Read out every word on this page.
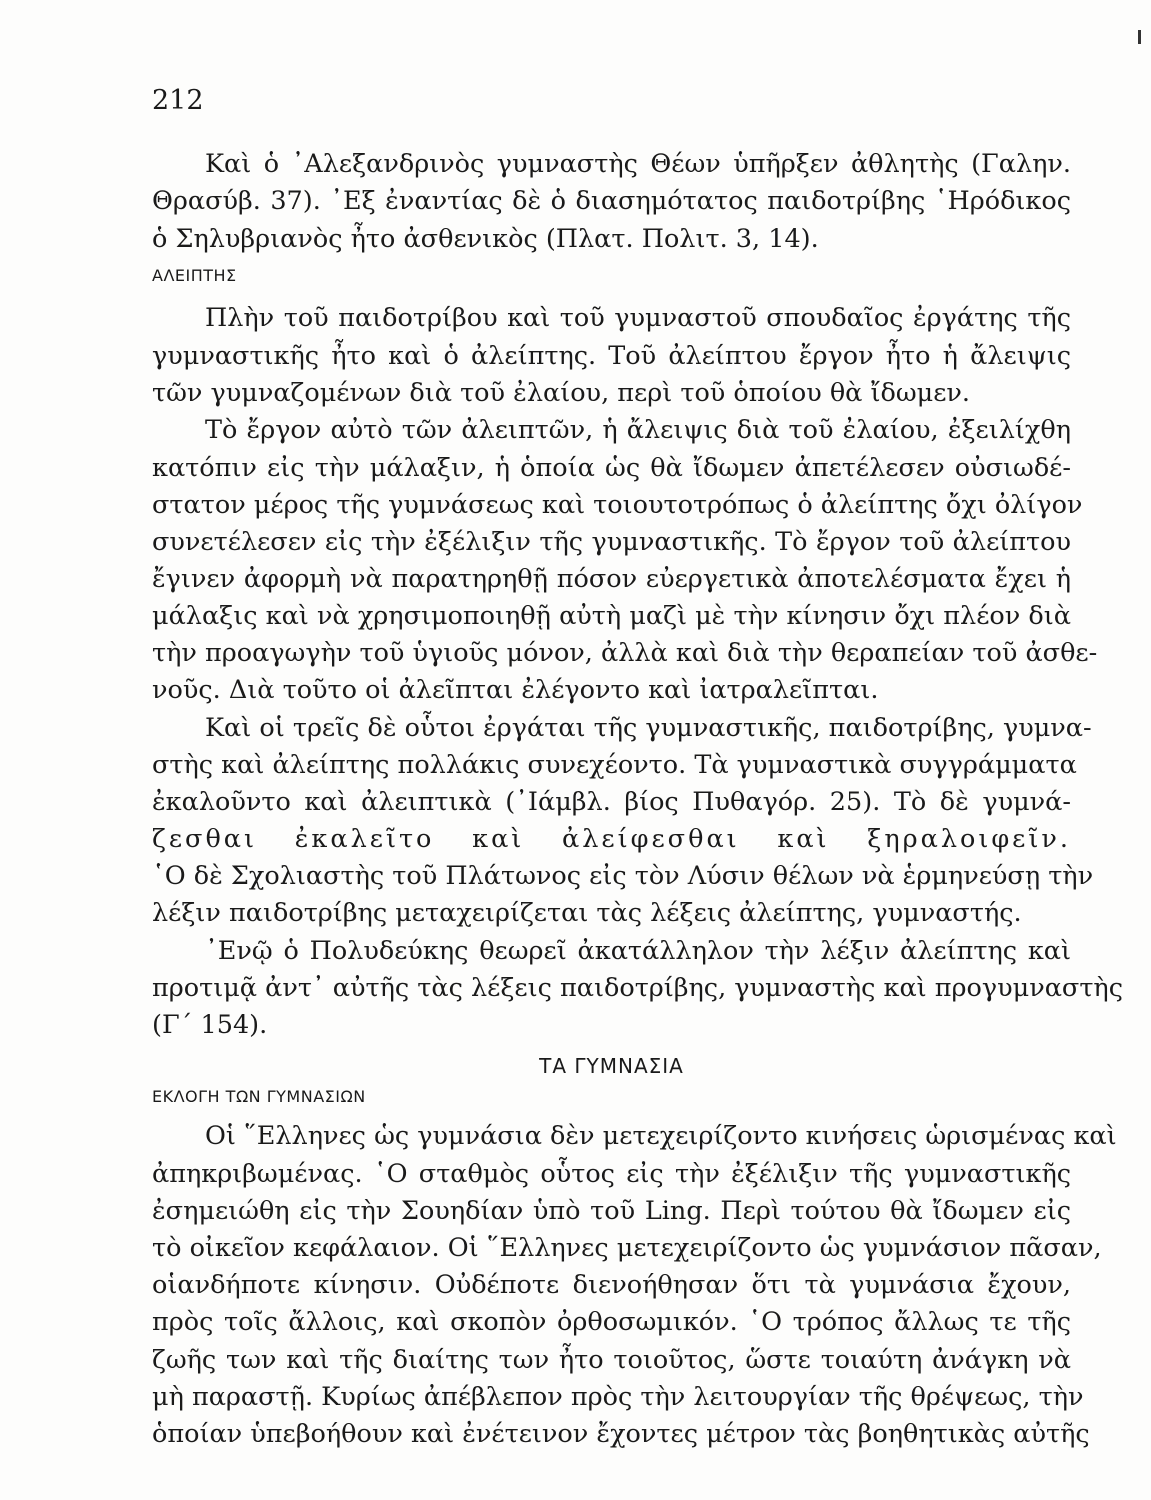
212
Καὶ ὁ ᾿Αλεξανδρινὸς γυμναστὴς Θέων ὑπῆρξεν ἀθλητὴς (Γαλην.
Θρασύβ. 37). ᾿Εξ ἐναντίας δὲ ὁ διασημότατος παιδοτρίβης ῾Ηρόδικος
ὁ Σηλυβριανὸς ἦτο ἀσθενικὸς (Πλατ. Πολιτ. 3, 14).
ΑΛΕΙΠΤΗΣ
Πλὴν τοῦ παιδοτρίβου καὶ τοῦ γυμναστοῦ σπουδαῖος ἐργάτης τῆς
γυμναστικῆς ἦτο καὶ ὁ ἀλείπτης. Τοῦ ἀλείπτου ἔργον ἦτο ἡ ἄλειψις
τῶν γυμναζομένων διὰ τοῦ ἐλαίου, περὶ τοῦ ὁποίου θὰ ἴδωμεν.
Τὸ ἔργον αὐτὸ τῶν ἀλειπτῶν, ἡ ἄλειψις διὰ τοῦ ἐλαίου, ἐξειλίχθη
κατόπιν εἰς τὴν μάλαξιν, ἡ ὁποία ὡς θὰ ἴδωμεν ἀπετέλεσεν οὐσιωδέ-
στατον μέρος τῆς γυμνάσεως καὶ τοιουτοτρόπως ὁ ἀλείπτης ὄχι ὀλίγον
συνετέλεσεν εἰς τὴν ἐξέλιξιν τῆς γυμναστικῆς. Τὸ ἔργον τοῦ ἀλείπτου
ἔγινεν ἀφορμὴ νὰ παρατηρηθῇ πόσον εὐεργετικὰ ἀποτελέσματα ἔχει ἡ
μάλαξις καὶ νὰ χρησιμοποιηθῇ αὐτὴ μαζὶ μὲ τὴν κίνησιν ὄχι πλέον διὰ
τὴν προαγωγὴν τοῦ ὑγιοῦς μόνον, ἀλλὰ καὶ διὰ τὴν θεραπείαν τοῦ ἀσθε-
νοῦς. Διὰ τοῦτο οἱ ἀλεῖπται ἐλέγοντο καὶ ἰατραλεῖπται.
Καὶ οἱ τρεῖς δὲ οὗτοι ἐργάται τῆς γυμναστικῆς, παιδοτρίβης, γυμνα-
στὴς καὶ ἀλείπτης πολλάκις συνεχέοντο. Τὰ γυμναστικὰ συγγράμματα
ἐκαλοῦντο καὶ ἀλειπτικὰ (᾿Ιάμβλ. βίος Πυθαγόρ. 25). Τὸ δὲ γυμνά-
ζεσθαι ἐκαλεῖτο καὶ ἀλείφεσθαι καὶ ξηραλοιφεῖν.
῾Ο δὲ Σχολιαστὴς τοῦ Πλάτωνος εἰς τὸν Λύσιν θέλων νὰ ἑρμηνεύσῃ τὴν
λέξιν παιδοτρίβης μεταχειρίζεται τὰς λέξεις ἀλείπτης, γυμναστής.
᾿Ενῷ ὁ Πολυδεύκης θεωρεῖ ἀκατάλληλον τὴν λέξιν ἀλείπτης καὶ
προτιμᾷ ἀντ᾿ αὐτῆς τὰς λέξεις παιδοτρίβης, γυμναστὴς καὶ προγυμναστὴς
(Γ΄ 154).
ΤΑ ΓΥΜΝΑΣΙΑ
ΕΚΛΟΓΗ ΤΩΝ ΓΥΜΝΑΣΙΩΝ
Οἱ ῞Ελληνες ὡς γυμνάσια δὲν μετεχειρίζοντο κινήσεις ὡρισμένας καὶ
ἀπηκριβωμένας. ῾Ο σταθμὸς οὗτος εἰς τὴν ἐξέλιξιν τῆς γυμναστικῆς
ἐσημειώθη εἰς τὴν Σουηδίαν ὑπὸ τοῦ Ling. Περὶ τούτου θὰ ἴδωμεν εἰς
τὸ οἰκεῖον κεφάλαιον. Οἱ ῞Ελληνες μετεχειρίζοντο ὡς γυμνάσιον πᾶσαν,
οἱανδήποτε κίνησιν. Οὐδέποτε διενοήθησαν ὅτι τὰ γυμνάσια ἔχουν,
πρὸς τοῖς ἄλλοις, καὶ σκοπὸν ὀρθοσωμικόν. ῾Ο τρόπος ἄλλως τε τῆς
ζωῆς των καὶ τῆς διαίτης των ἦτο τοιοῦτος, ὥστε τοιαύτη ἀνάγκη νὰ
μὴ παραστῇ. Κυρίως ἀπέβλεπον πρὸς τὴν λειτουργίαν τῆς θρέψεως, τὴν
ὁποίαν ὑπεβοήθουν καὶ ἐνέτεινον ἔχοντες μέτρον τὰς βοηθητικὰς αὐτῆς
